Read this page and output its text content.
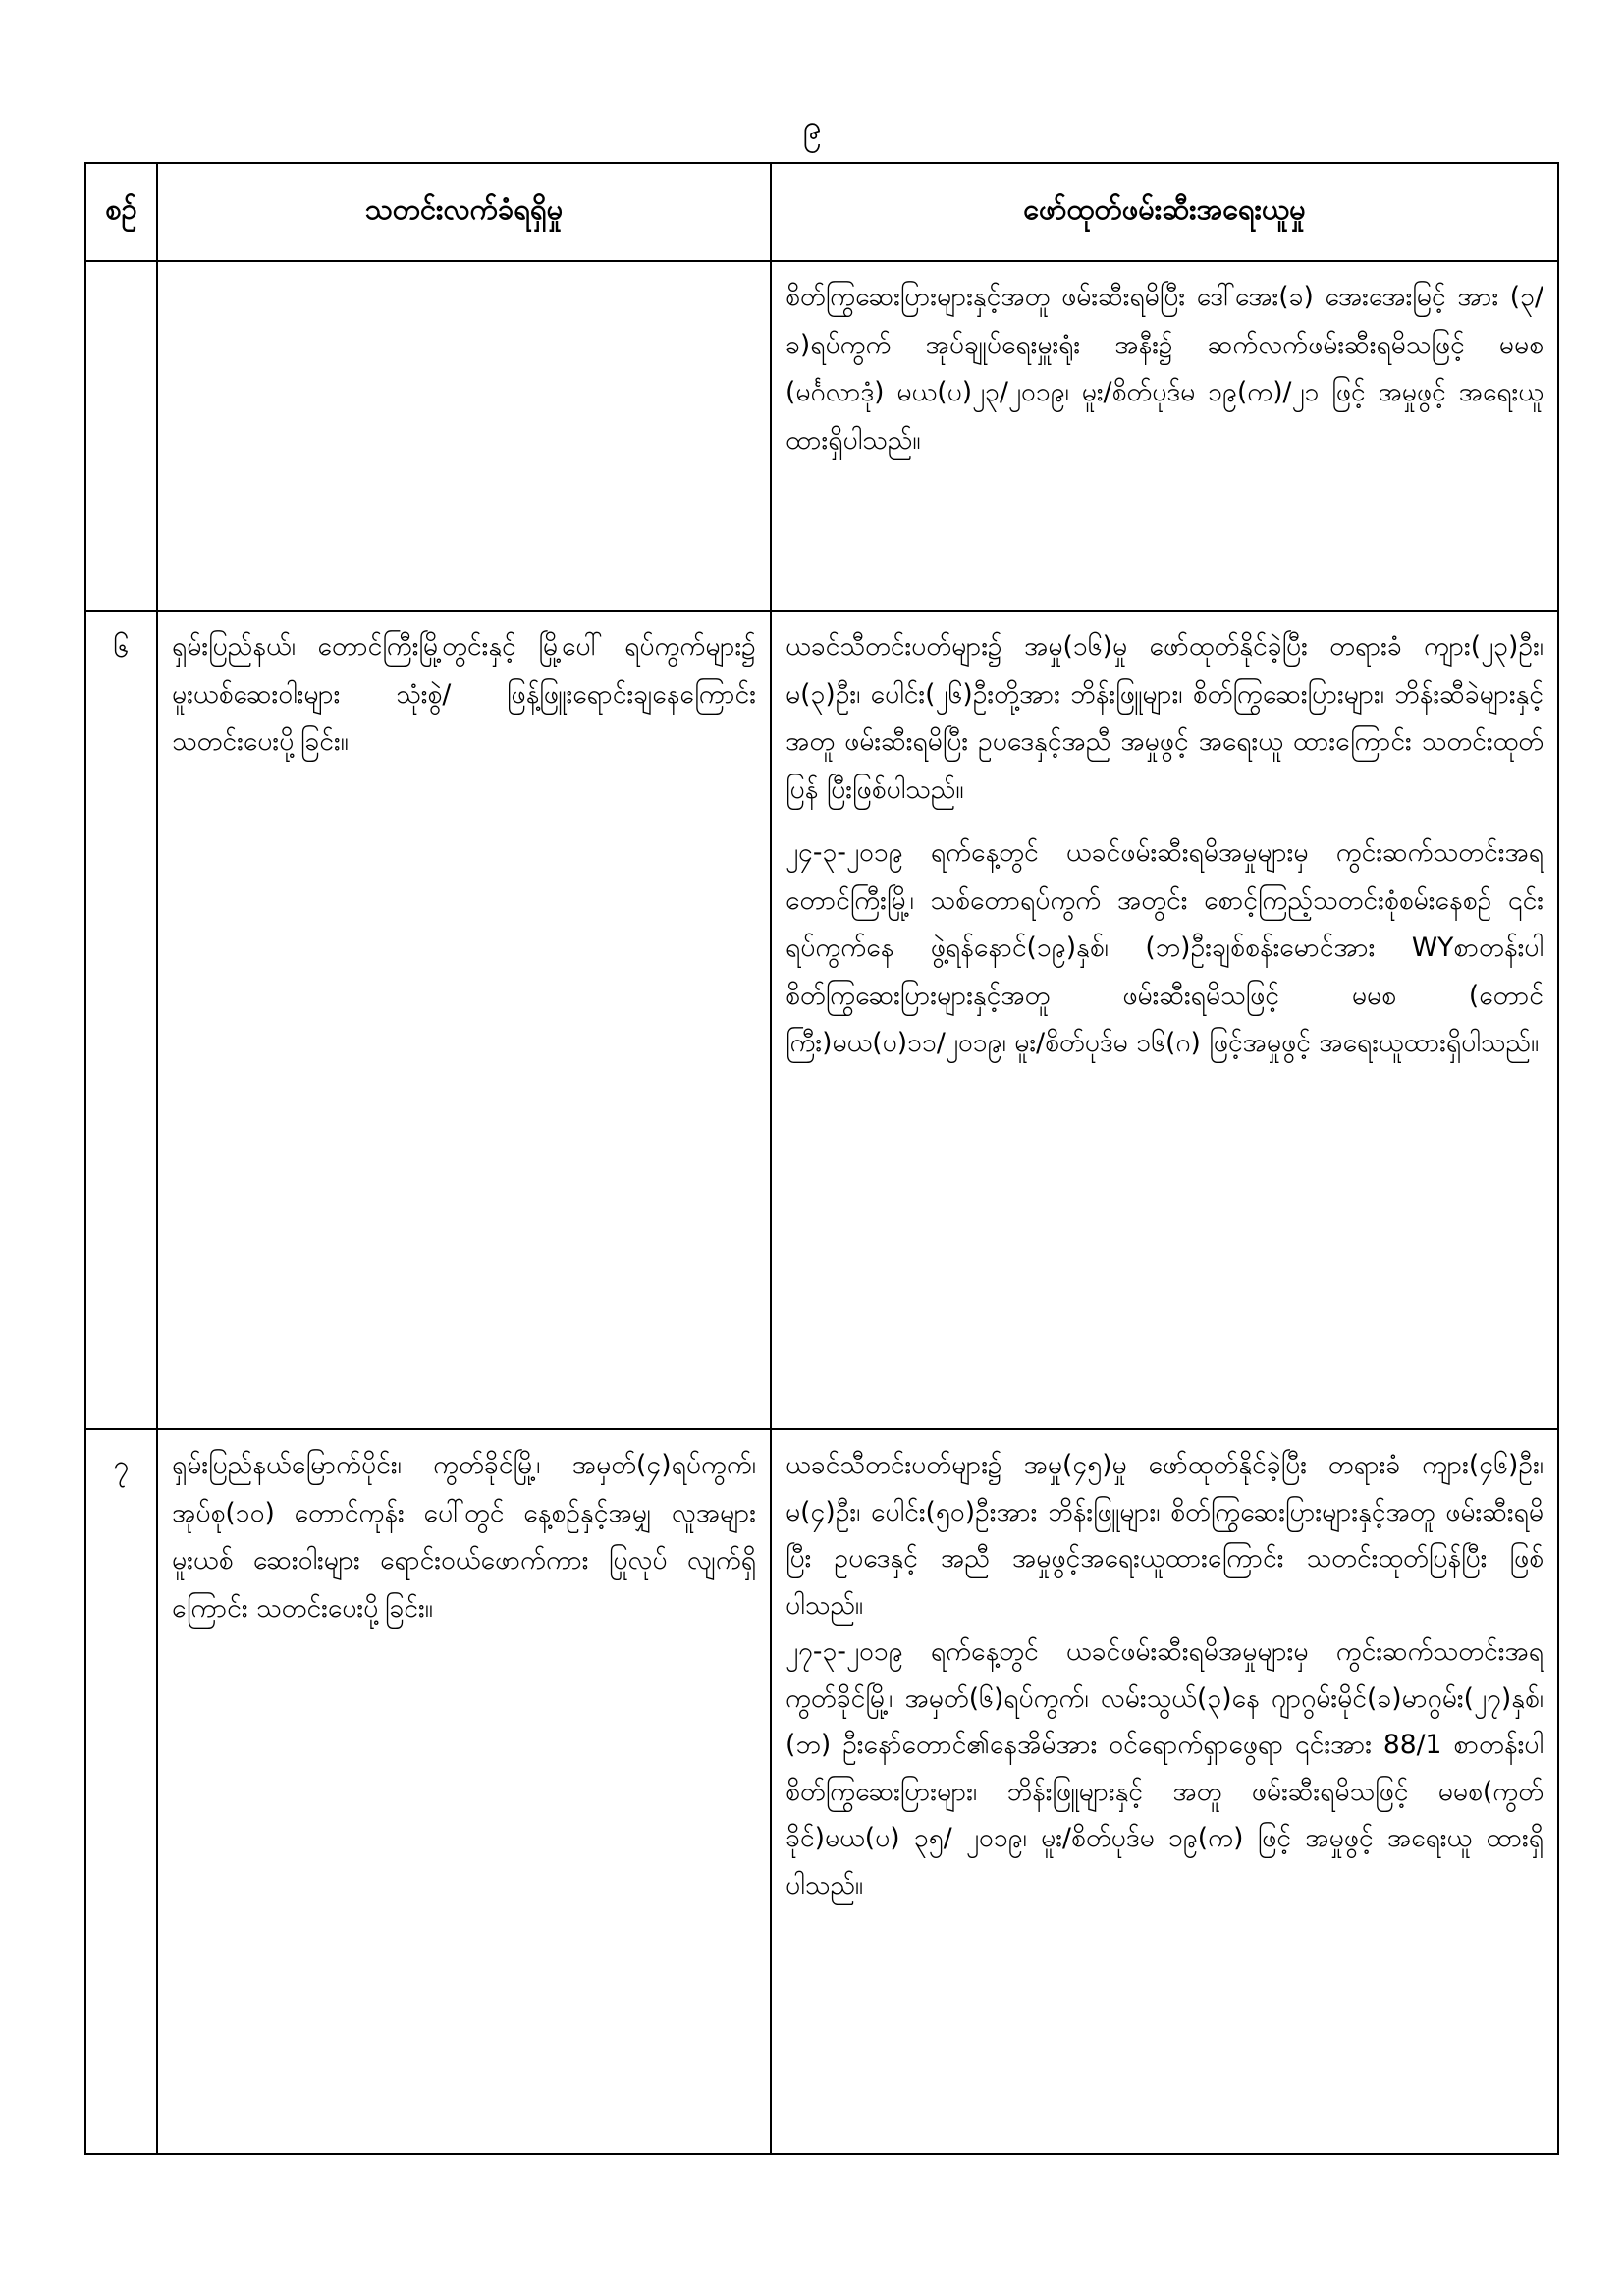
၉
စဉ်	သတင်းလက်ခံရရှိမှု	ဖော်ထုတ်ဖမ်းဆီးအရေးယူမှု

		စိတ်ကြွဆေးပြားများနှင့်အတူ ဖမ်းဆီးရမိပြီး ဒေါ်အေး(ခ) အေးအေးမြင့် အား (၃/ခ)ရပ်ကွက် အုပ်ချုပ်ရေးမှူးရုံး အနီး၌ ဆက်လက်ဖမ်းဆီးရမိသဖြင့် မမစ (မင်္ဂလာဒုံ) မယ(ပ)၂၃/၂၀၁၉၊ မူး/စိတ်ပုဒ်မ ၁၉(က)/၂၁ ဖြင့် အမှုဖွင့် အရေးယူထားရှိပါသည်။

၆	ရှမ်းပြည်နယ်၊ တောင်ကြီးမြို့တွင်းနှင့် မြို့ပေါ် ရပ်ကွက်များ၌ မူးယစ်ဆေးဝါးများ သုံးစွဲ/ ဖြန့်ဖြူးရောင်းချနေကြောင်း သတင်းပေးပို့ခြင်း။	ယခင်သီတင်းပတ်များ၌ အမှု(၁၆)မှု ဖော်ထုတ်နိုင်ခဲ့ပြီး တရားခံ ကျား(၂၃)ဦး၊ မ(၃)ဦး၊ ပေါင်း(၂၆)ဦးတို့အား ဘိန်းဖြူများ၊ စိတ်ကြွဆေးပြားများ၊ ဘိန်းဆီခဲများနှင့် အတူ ဖမ်းဆီးရမိပြီး ဥပဒေနှင့်အညီ အမှုဖွင့် အရေးယူ ထားကြောင်း သတင်းထုတ်ပြန် ပြီးဖြစ်ပါသည်။

၂၄-၃-၂၀၁၉ ရက်နေ့တွင် ယခင်ဖမ်းဆီးရမိအမှုများမှ ကွင်းဆက်သတင်းအရ တောင်ကြီးမြို့၊ သစ်တောရပ်ကွက် အတွင်း စောင့်ကြည့်သတင်းစုံစမ်းနေစဉ် ၎င်းရပ်ကွက်နေ ဖွဲ့ရန်နောင်(၁၉)နှစ်၊ (ဘ)ဦးချစ်စန်းမောင်အား WYစာတန်းပါ စိတ်ကြွဆေးပြားများနှင့်အတူ ဖမ်းဆီးရမိသဖြင့် မမစ (တောင်ကြီး)မယ(ပ)၁၁/၂၀၁၉၊ မူး/စိတ်ပုဒ်မ ၁၆(ဂ) ဖြင့်အမှုဖွင့် အရေးယူထားရှိပါသည်။

၇	ရှမ်းပြည်နယ်မြောက်ပိုင်း၊ ကွတ်ခိုင်မြို့၊ အမှတ်(၄)ရပ်ကွက်၊ အုပ်စု(၁၀) တောင်ကုန်း ပေါ်တွင် နေ့စဉ်နှင့်အမျှ လူအများ မူးယစ် ဆေးဝါးများ ရောင်းဝယ်ဖောက်ကား ပြုလုပ် လျက်ရှိကြောင်း သတင်းပေးပို့ခြင်း။	ယခင်သီတင်းပတ်များ၌ အမှု(၄၅)မှု ဖော်ထုတ်နိုင်ခဲ့ပြီး တရားခံ ကျား(၄၆)ဦး၊ မ(၄)ဦး၊ ပေါင်း(၅၀)ဦးအား ဘိန်းဖြူများ၊ စိတ်ကြွဆေးပြားများနှင့်အတူ ဖမ်းဆီးရမိပြီး ဥပဒေနှင့် အညီ အမှုဖွင့်အရေးယူထားကြောင်း သတင်းထုတ်ပြန်ပြီး ဖြစ်ပါသည်။

၂၇-၃-၂၀၁၉ ရက်နေ့တွင် ယခင်ဖမ်းဆီးရမိအမှုများမှ ကွင်းဆက်သတင်းအရ ကွတ်ခိုင်မြို့၊ အမှတ်(၆)ရပ်ကွက်၊ လမ်းသွယ်(၃)နေ ဂျာဂွမ်းမိုင်(ခ)မာဂွမ်း(၂၇)နှစ်၊ (ဘ) ဦးနော်တောင်၏နေအိမ်အား ဝင်ရောက်ရှာဖွေရာ ၎င်းအား 88/1 စာတန်းပါ စိတ်ကြွဆေးပြားများ၊ ဘိန်းဖြူများနှင့် အတူ ဖမ်းဆီးရမိသဖြင့် မမစ(ကွတ်ခိုင်)မယ(ပ) ၃၅/ ၂၀၁၉၊ မူး/စိတ်ပုဒ်မ ၁၉(က) ဖြင့် အမှုဖွင့် အရေးယူ ထားရှိပါသည်။
